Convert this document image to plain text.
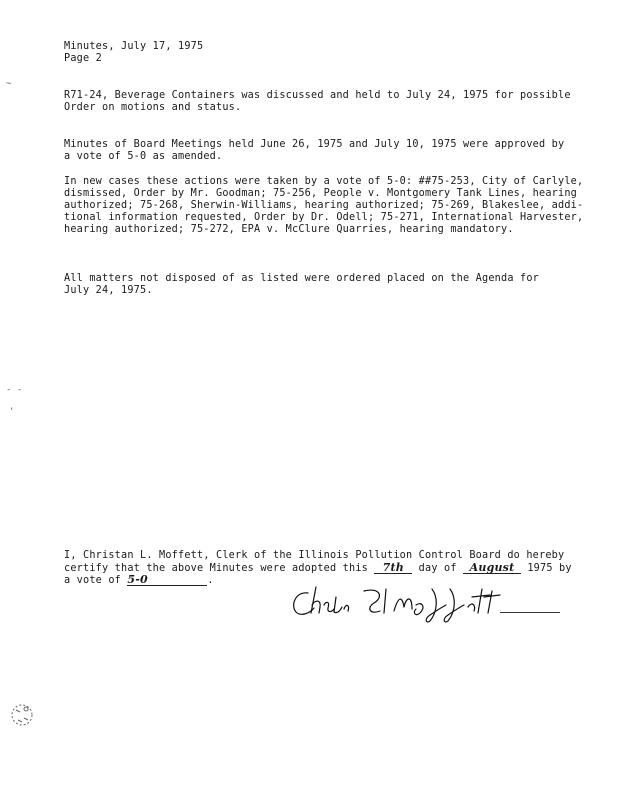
~
- -
'
Minutes, July 17, 1975
Page 2
R71-24, Beverage Containers was discussed and held to July 24, 1975 for possible
Order on motions and status.
Minutes of Board Meetings held June 26, 1975 and July 10, 1975 were approved by
a vote of 5-0 as amended.
In new cases these actions were taken by a vote of 5-0: ##75-253, City of Carlyle,
dismissed, Order by Mr. Goodman; 75-256, People v. Montgomery Tank Lines, hearing
authorized; 75-268, Sherwin-Williams, hearing authorized; 75-269, Blakeslee, addi-
tional information requested, Order by Dr. Odell; 75-271, International Harvester,
hearing authorized; 75-272, EPA v. McClure Quarries, hearing mandatory.
All matters not disposed of as listed were ordered placed on the Agenda for
July 24, 1975.
I, Christan L. Moffett, Clerk of the Illinois Pollution Control Board do hereby
certify that the above Minutes were adopted this 7th day of August 1975 by
a vote of 5-0	.
